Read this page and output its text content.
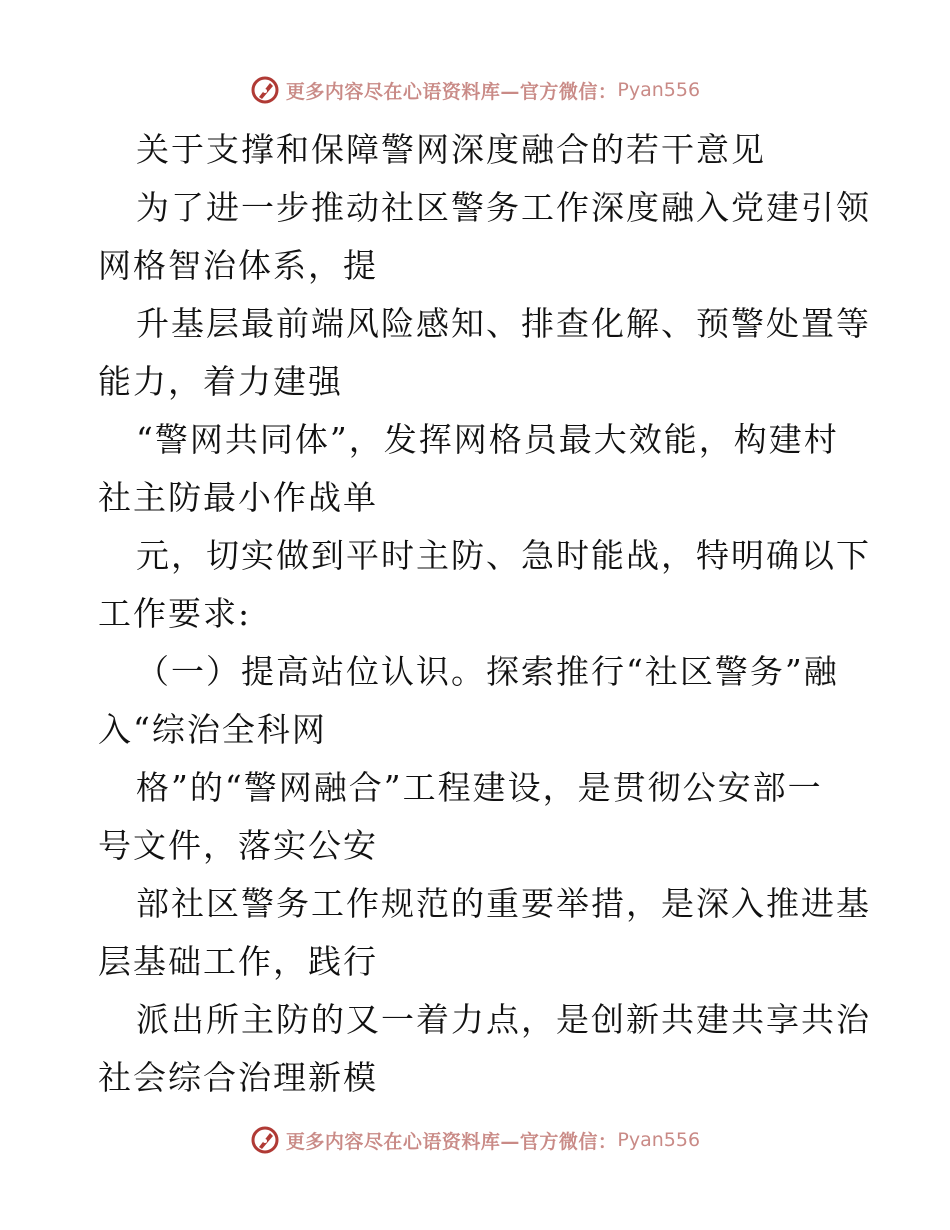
更多内容尽在心语资料库—官方微信： Pyan556
关于支撑和保障警网深度融合的若干意见
为了进一步推动社区警务工作深度融入党建引领
网格智治体系，提
升基层最前端风险感知、排查化解、预警处置等
能力，着力建强
“警网共同体”，发挥网格员最大效能，构建村
社主防最小作战单
元，切实做到平时主防、急时能战，特明确以下
工作要求:
（一）提高站位认识。探索推行“社区警务”融
入“综治全科网
格”的“警网融合”工程建设，是贯彻公安部一
号文件，落实公安
部社区警务工作规范的重要举措，是深入推进基
层基础工作，践行
派出所主防的又一着力点，是创新共建共享共治
社会综合治理新模
更多内容尽在心语资料库—官方微信： Pyan556
